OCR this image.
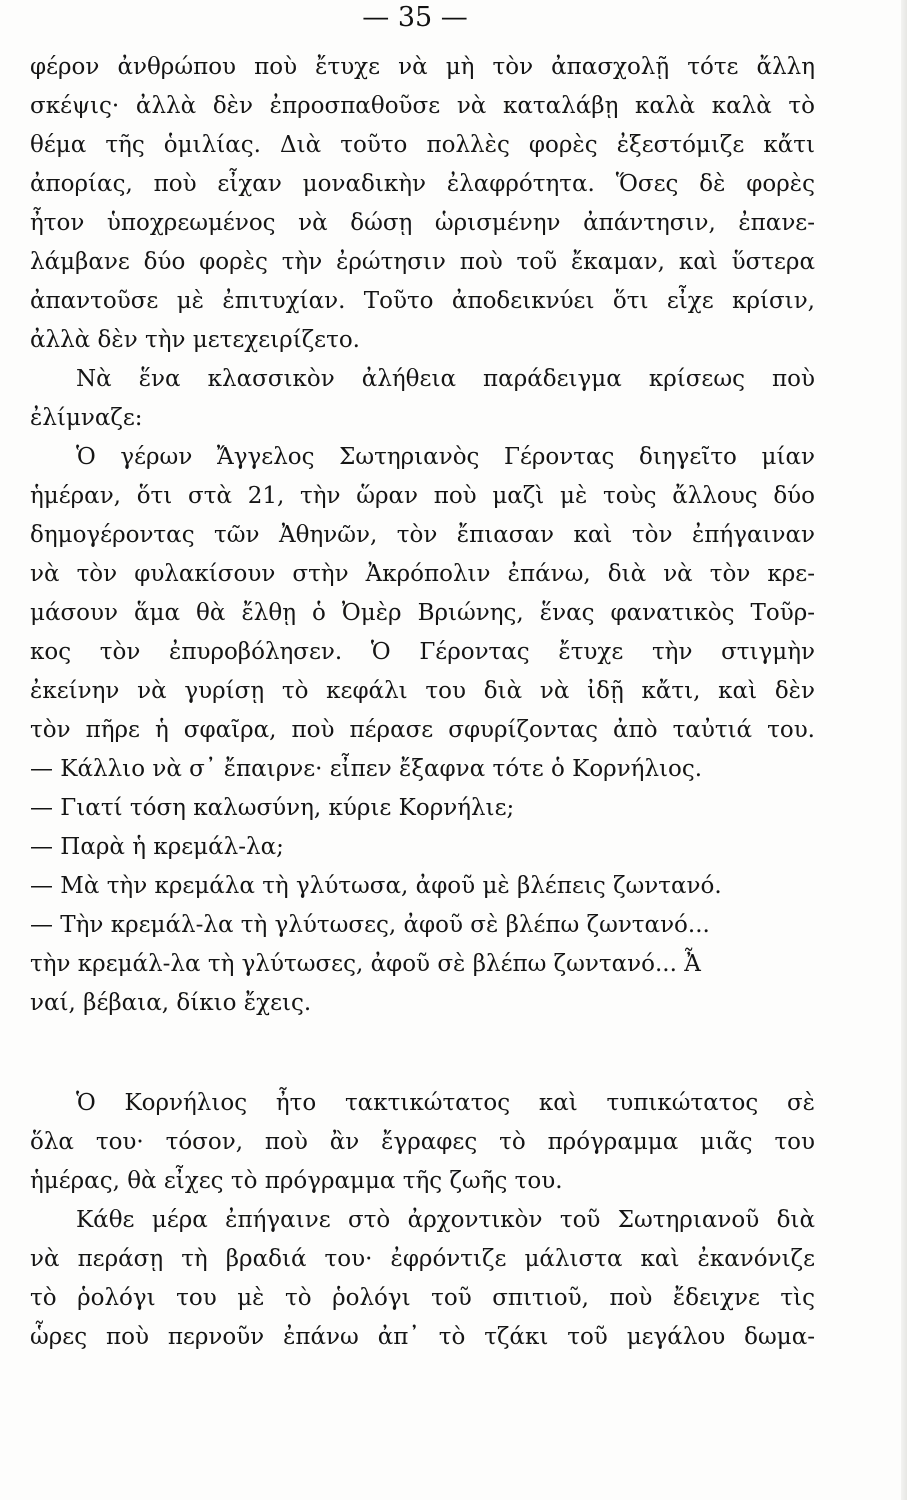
— 35 —
φέρον ἀνθρώπου ποὺ ἔτυχε νὰ μὴ τὸν ἀπασχολῇ τότε ἄλλη
σκέψις· ἀλλὰ δὲν ἐπροσπαθοῦσε νὰ καταλάβῃ καλὰ καλὰ τὸ
θέμα τῆς ὁμιλίας. Διὰ τοῦτο πολλὲς φορὲς ἐξεστόμιζε κἄτι
ἀπορίας, ποὺ εἶχαν μοναδικὴν ἐλαφρότητα. Ὅσες δὲ φορὲς
ἦτον ὑποχρεωμένος νὰ δώσῃ ὡρισμένην ἀπάντησιν, ἐπανε-
λάμβανε δύο φορὲς τὴν ἐρώτησιν ποὺ τοῦ ἔκαμαν, καὶ ὕστερα
ἀπαντοῦσε μὲ ἐπιτυχίαν. Τοῦτο ἀποδεικνύει ὅτι εἶχε κρίσιν,
ἀλλὰ δὲν τὴν μετεχειρίζετο.
Νὰ ἕνα κλασσικὸν ἀλήθεια παράδειγμα κρίσεως ποὺ
ἐλίμναζε:
Ὁ γέρων Ἄγγελος Σωτηριανὸς Γέροντας διηγεῖτο μίαν
ἡμέραν, ὅτι στὰ 21, τὴν ὥραν ποὺ μαζὶ μὲ τοὺς ἄλλους δύο
δημογέροντας τῶν Ἀθηνῶν, τὸν ἔπιασαν καὶ τὸν ἐπήγαιναν
νὰ τὸν φυλακίσουν στὴν Ἀκρόπολιν ἐπάνω, διὰ νὰ τὸν κρε-
μάσουν ἅμα θὰ ἔλθῃ ὁ Ὀμὲρ Βριώνης, ἕνας φανατικὸς Τοῦρ-
κος τὸν ἐπυροβόλησεν. Ὁ Γέροντας ἔτυχε τὴν στιγμὴν
ἐκείνην νὰ γυρίσῃ τὸ κεφάλι του διὰ νὰ ἰδῇ κἄτι, καὶ δὲν
τὸν πῆρε ἡ σφαῖρα, ποὺ πέρασε σφυρίζοντας ἀπὸ ταὐτιά του.
— Κάλλιο νὰ σ᾽ ἔπαιρνε· εἶπεν ἔξαφνα τότε ὁ Κορνήλιος.
— Γιατί τόση καλωσύνη, κύριε Κορνήλιε;
— Παρὰ ἡ κρεμάλ-λα;
— Μὰ τὴν κρεμάλα τὴ γλύτωσα, ἀφοῦ μὲ βλέπεις ζωντανό.
— Τὴν κρεμάλ-λα τὴ γλύτωσες, ἀφοῦ σὲ βλέπω ζωντανό...
τὴν κρεμάλ-λα τὴ γλύτωσες, ἀφοῦ σὲ βλέπω ζωντανό... Ἆ
ναί, βέβαια, δίκιο ἔχεις.
Ὁ Κορνήλιος ἦτο τακτικώτατος καὶ τυπικώτατος σὲ
ὅλα του· τόσον, ποὺ ἂν ἔγραφες τὸ πρόγραμμα μιᾶς του
ἡμέρας, θὰ εἶχες τὸ πρόγραμμα τῆς ζωῆς του.
Κάθε μέρα ἐπήγαινε στὸ ἀρχοντικὸν τοῦ Σωτηριανοῦ διὰ
νὰ περάσῃ τὴ βραδιά του· ἐφρόντιζε μάλιστα καὶ ἐκανόνιζε
τὸ ῥολόγι του μὲ τὸ ῥολόγι τοῦ σπιτιοῦ, ποὺ ἔδειχνε τὶς
ὧρες ποὺ περνοῦν ἐπάνω ἀπ᾽ τὸ τζάκι τοῦ μεγάλου δωμα-
